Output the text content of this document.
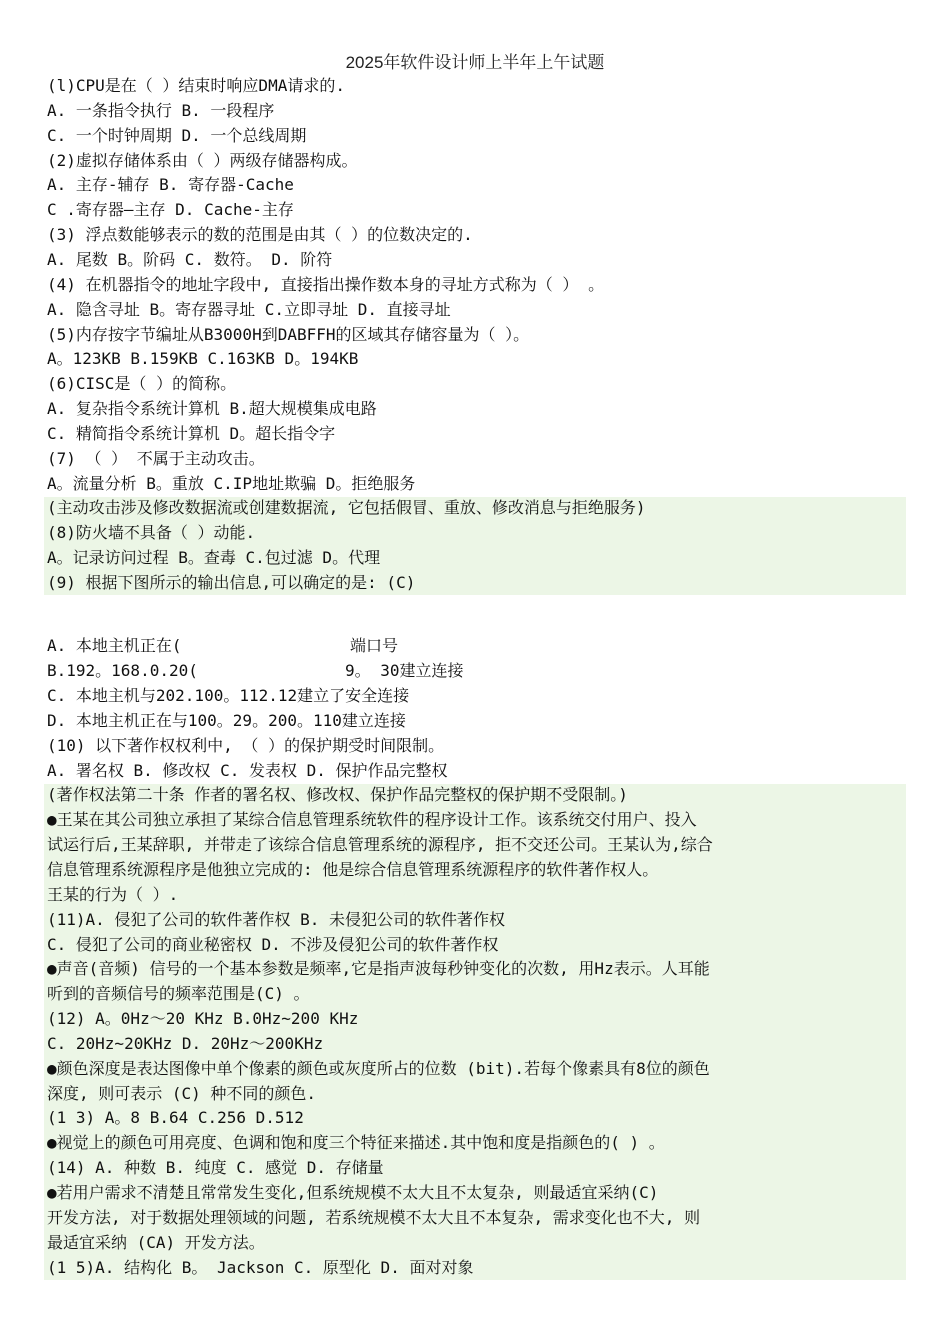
2025年软件设计师上半年上午试题
(l)CPU是在（ ）结束时响应DMA请求的.
A. 一条指令执行 B. 一段程序
C. 一个时钟周期 D. 一个总线周期
(2)虚拟存储体系由（ ）两级存储器构成。
A. 主存-辅存 B. 寄存器-Cache
C .寄存器—主存 D. Cache-主存
(3) 浮点数能够表示的数的范围是由其（ ）的位数决定的.
A. 尾数 B。阶码 C. 数符。 D. 阶符
(4) 在机器指令的地址字段中, 直接指出操作数本身的寻址方式称为（ ） 。
A. 隐含寻址 B。寄存器寻址 C.立即寻址 D. 直接寻址
(5)内存按字节编址从B3000H到DABFFH的区域其存储容量为（ ）。
A。123KB B.159KB C.163KB D。194KB
(6)CISC是（ ）的简称。
A. 复杂指令系统计算机 B.超大规模集成电路
C. 精简指令系统计算机 D。超长指令字
(7) （ ） 不属于主动攻击。
A。流量分析 B。重放 C.IP地址欺骗 D。拒绝服务
(主动攻击涉及修改数据流或创建数据流, 它包括假冒、重放、修改消息与拒绝服务)
(8)防火墙不具备（ ）动能.
A。记录访问过程 B。查毒 C.包过滤 D。代理
(9) 根据下图所示的输出信息,可以确定的是: (C)
A. 本地主机正在(	端口号
B.192。168.0.20(	9。 30建立连接
C. 本地主机与202.100。112.12建立了安全连接
D. 本地主机正在与100。29。200。110建立连接
(10) 以下著作权权利中, （ ）的保护期受时间限制。
A. 署名权 B. 修改权 C. 发表权 D. 保护作品完整权
(著作权法第二十条 作者的署名权、修改权、保护作品完整权的保护期不受限制。)
●王某在其公司独立承担了某综合信息管理系统软件的程序设计工作。该系统交付用户、投入
试运行后,王某辞职, 并带走了该综合信息管理系统的源程序, 拒不交还公司。王某认为,综合
信息管理系统源程序是他独立完成的: 他是综合信息管理系统源程序的软件著作权人。
王某的行为（ ）.
(11)A. 侵犯了公司的软件著作权 B. 未侵犯公司的软件著作权
C. 侵犯了公司的商业秘密权 D. 不涉及侵犯公司的软件著作权
●声音(音频) 信号的一个基本参数是频率,它是指声波每秒钟变化的次数, 用Hz表示。人耳能
听到的音频信号的频率范围是(C) 。
(12) A。0Hz～20 KHz B.0Hz~200 KHz
C. 20Hz~20KHz D. 20Hz～200KHz
●颜色深度是表达图像中单个像素的颜色或灰度所占的位数 (bit).若每个像素具有8位的颜色
深度, 则可表示 (C) 种不同的颜色.
(1 3) A。8 B.64 C.256 D.512
●视觉上的颜色可用亮度、色调和饱和度三个特征来描述.其中饱和度是指颜色的( ) 。
(14) A. 种数 B. 纯度 C. 感觉 D. 存储量
●若用户需求不清楚且常常发生变化,但系统规模不太大且不太复杂, 则最适宜采纳(C)
开发方法, 对于数据处理领域的问题, 若系统规模不太大且不本复杂, 需求变化也不大, 则
最适宜采纳 (CA) 开发方法。
(1 5)A. 结构化 B。 Jackson C. 原型化 D. 面对对象
